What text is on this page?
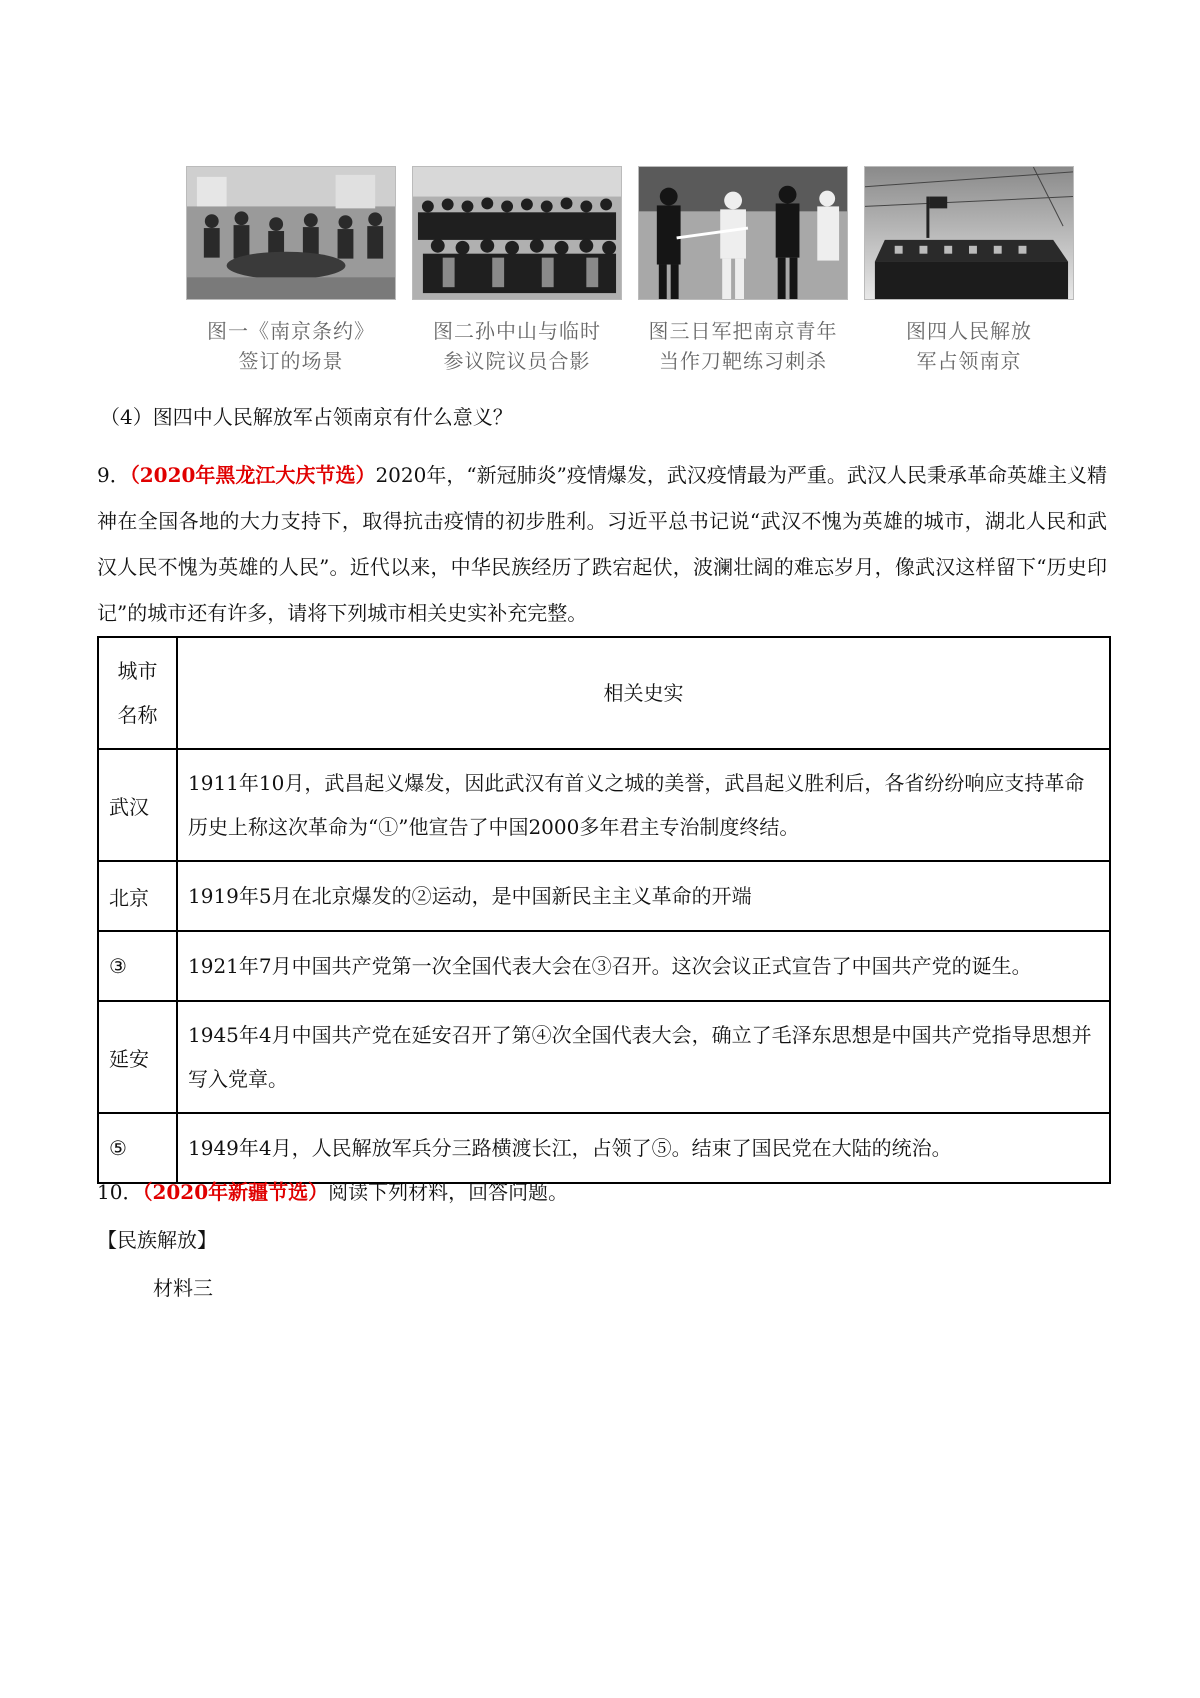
图一《南京条约》
签订的场景
图二孙中山与临时
参议院议员合影
图三日军把南京青年
当作刀靶练习刺杀
图四人民解放
军占领南京
（4）图四中人民解放军占领南京有什么意义？
9．（2020年黑龙江大庆节选）2020年，“新冠肺炎”疫情爆发，武汉疫情最为严重。武汉人民秉承革命英雄主义精神在全国各地的大力支持下，取得抗击疫情的初步胜利。习近平总书记说“武汉不愧为英雄的城市，湖北人民和武汉人民不愧为英雄的人民”。近代以来，中华民族经历了跌宕起伏，波澜壮阔的难忘岁月，像武汉这样留下“历史印记”的城市还有许多，请将下列城市相关史实补充完整。
城市
名称	相关史实
武汉	1911年10月，武昌起义爆发，因此武汉有首义之城的美誉，武昌起义胜利后，各省纷纷响应支持革命历史上称这次革命为“①”他宣告了中国2000多年君主专治制度终结。
北京	1919年5月在北京爆发的②运动，是中国新民主主义革命的开端
③	1921年7月中国共产党第一次全国代表大会在③召开。这次会议正式宣告了中国共产党的诞生。
延安	1945年4月中国共产党在延安召开了第④次全国代表大会，确立了毛泽东思想是中国共产党指导思想并写入党章。
⑤	1949年4月，人民解放军兵分三路横渡长江，占领了⑤。结束了国民党在大陆的统治。
10．（2020年新疆节选）阅读下列材料，回答问题。
【民族解放】
材料三
